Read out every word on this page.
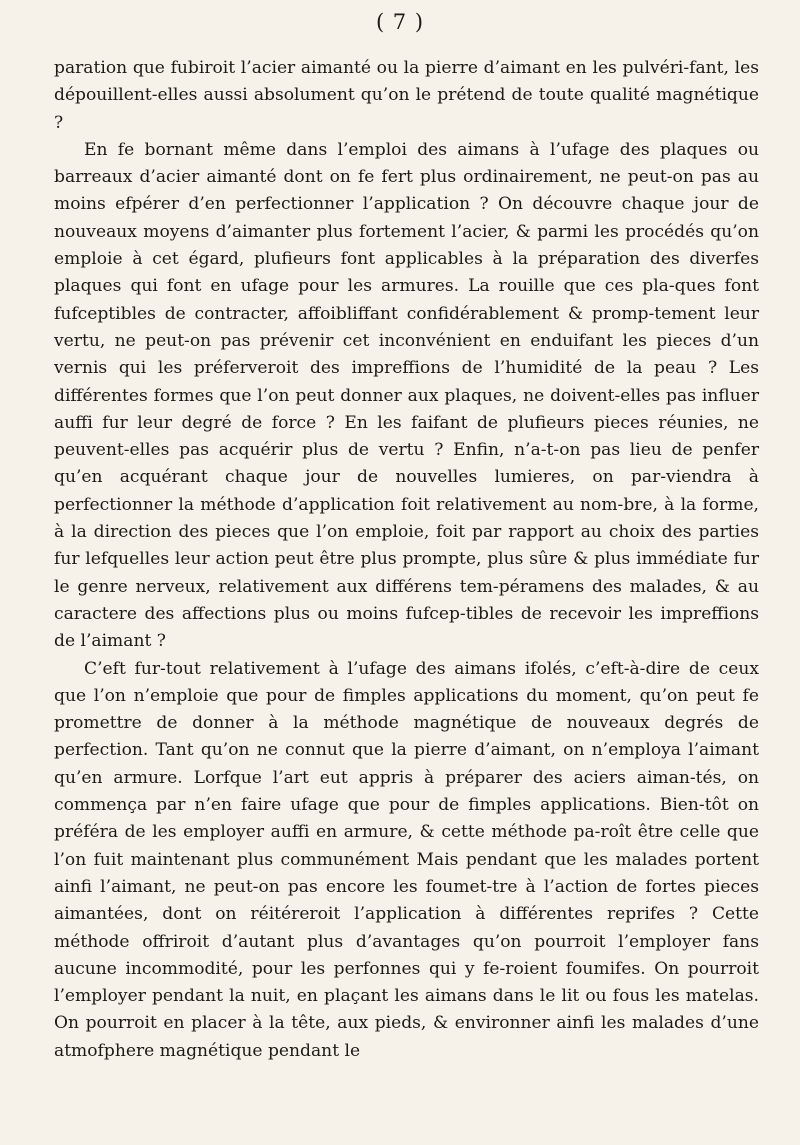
( 7 )

paration que fubiroit l’acier aimanté ou la pierre d’aimant en les pulvéri-fant, les dépouillent-elles aussi absolument qu’on le prétend de toute qualité magnétique ?

En fe bornant même dans l’emploi des aimans à l’ufage des plaques ou barreaux d’acier aimanté dont on fe fert plus ordinairement, ne peut-on pas au moins efpérer d’en perfectionner l’application ? On découvre chaque jour de nouveaux moyens d’aimanter plus fortement l’acier, & parmi les procédés qu’on emploie à cet égard, plufieurs font applicables à la préparation des diverfes plaques qui font en ufage pour les armures. La rouille que ces pla-ques font fufceptibles de contracter, affoibliffant confidérablement & promp-tement leur vertu, ne peut-on pas prévenir cet inconvénient en enduifant les pieces d’un vernis qui les préferveroit des impreffions de l’humidité de la peau ? Les différentes formes que l’on peut donner aux plaques, ne doivent-elles pas influer auffi fur leur degré de force ? En les faifant de plufieurs pieces réunies, ne peuvent-elles pas acquérir plus de vertu ? Enfin, n’a-t-on pas lieu de penfer qu’en acquérant chaque jour de nouvelles lumieres, on par-viendra à perfectionner la méthode d’application foit relativement au nom-bre, à la forme, à la direction des pieces que l’on emploie, foit par rapport au choix des parties fur lefquelles leur action peut être plus prompte, plus sûre & plus immédiate fur le genre nerveux, relativement aux différens tem-péramens des malades, & au caractere des affections plus ou moins fufcep-tibles de recevoir les impreffions de l’aimant ?

C’eft fur-tout relativement à l’ufage des aimans ifolés, c’eft-à-dire de ceux que l’on n’emploie que pour de fimples applications du moment, qu’on peut fe promettre de donner à la méthode magnétique de nouveaux degrés de perfection. Tant qu’on ne connut que la pierre d’aimant, on n’employa l’aimant qu’en armure. Lorfque l’art eut appris à préparer des aciers aiman-tés, on commença par n’en faire ufage que pour de fimples applications. Bien-tôt on préféra de les employer auffi en armure, & cette méthode pa-roît être celle que l’on fuit maintenant plus communément Mais pendant que les malades portent ainfi l’aimant, ne peut-on pas encore les foumet-tre à l’action de fortes pieces aimantées, dont on réitéreroit l’application à différentes reprifes ? Cette méthode offriroit d’autant plus d’avantages qu’on pourroit l’employer fans aucune incommodité, pour les perfonnes qui y fe-roient foumifes. On pourroit l’employer pendant la nuit, en plaçant les aimans dans le lit ou fous les matelas. On pourroit en placer à la tête, aux pieds, & environner ainfi les malades d’une atmofphere magnétique pendant le
